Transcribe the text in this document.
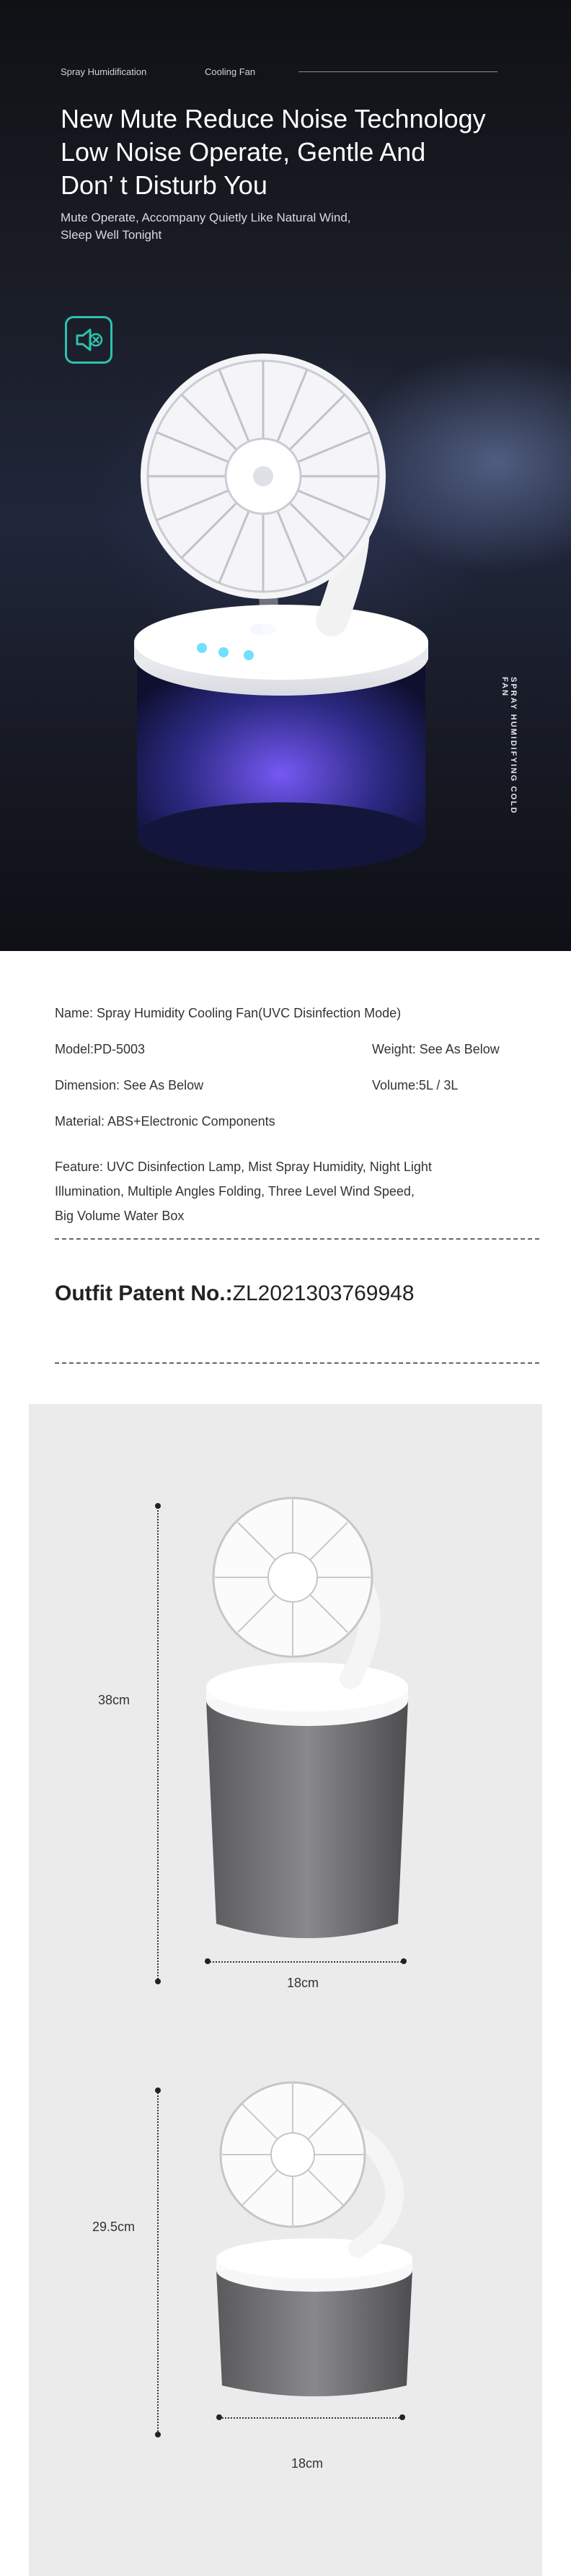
Spray Humidification	Cooling Fan
New Mute Reduce Noise Technology
Low Noise Operate, Gentle And
Don’ t Disturb You
Mute Operate, Accompany Quietly Like Natural Wind,
Sleep Well Tonight
SPRAY HUMIDIFYING COLD FAN
Name: Spray Humidity Cooling Fan(UVC Disinfection Mode)
Model:PD-5003	Weight: See As Below
Dimension: See As Below	Volume:5L / 3L
Material: ABS+Electronic Components
Feature: UVC Disinfection Lamp, Mist Spray Humidity, Night Light
Illumination, Multiple Angles Folding, Three Level Wind Speed,
Big Volume Water Box
Outfit Patent No.:ZL2021303769948
38cm
18cm
29.5cm
18cm
